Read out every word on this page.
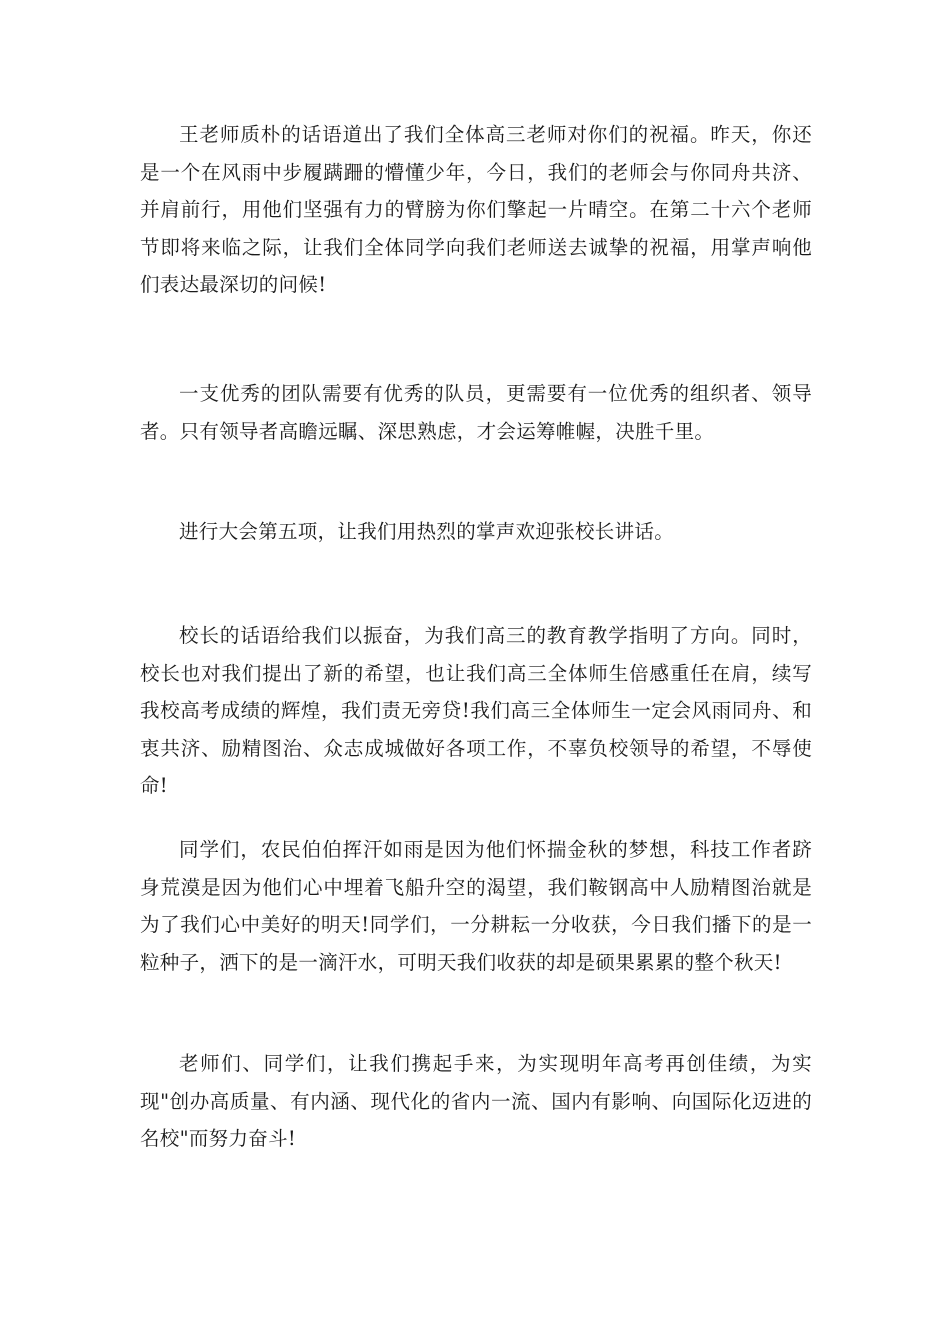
王老师质朴的话语道出了我们全体高三老师对你们的祝福。昨天，你还是一个在风雨中步履蹒跚的懵懂少年，今日，我们的老师会与你同舟共济、并肩前行，用他们坚强有力的臂膀为你们擎起一片晴空。在第二十六个老师节即将来临之际，让我们全体同学向我们老师送去诚挚的祝福，用掌声响他们表达最深切的问候!

一支优秀的团队需要有优秀的队员，更需要有一位优秀的组织者、领导者。只有领导者高瞻远瞩、深思熟虑，才会运筹帷幄，决胜千里。

进行大会第五项，让我们用热烈的掌声欢迎张校长讲话。

校长的话语给我们以振奋，为我们高三的教育教学指明了方向。同时，校长也对我们提出了新的希望，也让我们高三全体师生倍感重任在肩，续写我校高考成绩的辉煌，我们责无旁贷!我们高三全体师生一定会风雨同舟、和衷共济、励精图治、众志成城做好各项工作，不辜负校领导的希望，不辱使命!

同学们，农民伯伯挥汗如雨是因为他们怀揣金秋的梦想，科技工作者跻身荒漠是因为他们心中埋着飞船升空的渴望，我们鞍钢高中人励精图治就是为了我们心中美好的明天!同学们，一分耕耘一分收获，今日我们播下的是一粒种子，洒下的是一滴汗水，可明天我们收获的却是硕果累累的整个秋天!

老师们、同学们，让我们携起手来，为实现明年高考再创佳绩，为实现"创办高质量、有内涵、现代化的省内一流、国内有影响、向国际化迈进的名校"而努力奋斗!
